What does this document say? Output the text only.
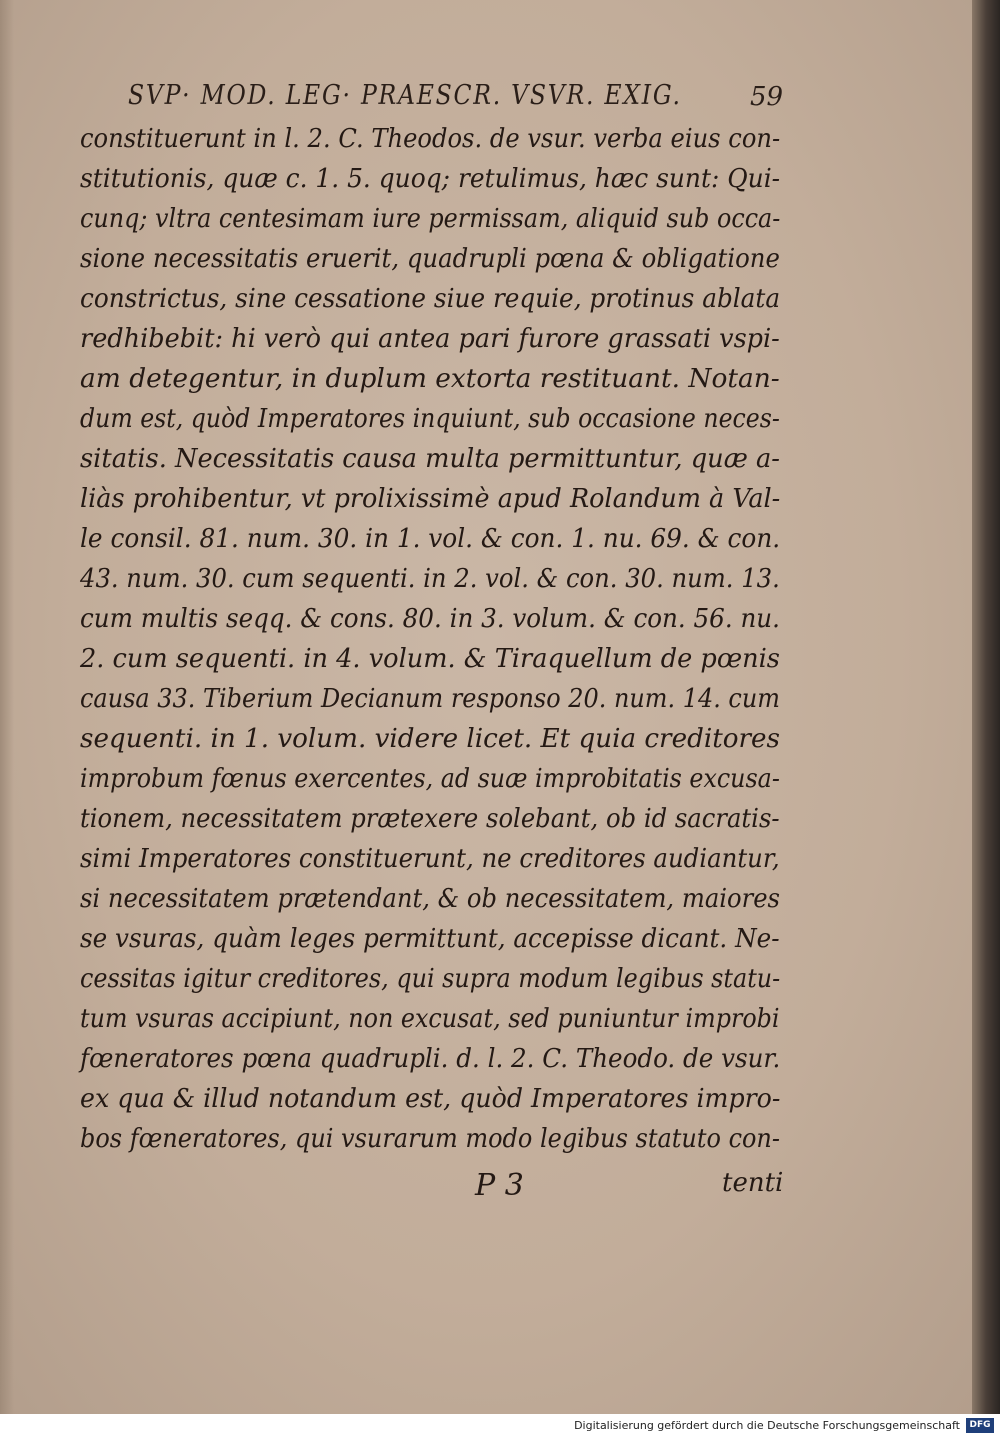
SVP· MOD. LEG· PRAESCR. VSVR. EXIG.	59
constituerunt in l. 2. C. Theodos. de vsur. verba eius con-
stitutionis, quæ c. 1. 5. quoq; retulimus, hæc sunt: Qui-
cunq; vltra centesimam iure permissam, aliquid sub occa-
sione necessitatis eruerit, quadrupli pœna & obligatione
constrictus, sine cessatione siue requie, protinus ablata
redhibebit: hi verò qui antea pari furore grassati vspi-
am detegentur, in duplum extorta restituant. Notan-
dum est, quòd Imperatores inquiunt, sub occasione neces-
sitatis. Necessitatis causa multa permittuntur, quæ a-
liàs prohibentur, vt prolixissimè apud Rolandum à Val-
le consil. 81. num. 30. in 1. vol. & con. 1. nu. 69. & con.
43. num. 30. cum sequenti. in 2. vol. & con. 30. num. 13.
cum multis seqq. & cons. 80. in 3. volum. & con. 56. nu.
2. cum sequenti. in 4. volum. & Tiraquellum de pœnis
causa 33. Tiberium Decianum responso 20. num. 14. cum
sequenti. in 1. volum. videre licet. Et quia creditores
improbum fœnus exercentes, ad suæ improbitatis excusa-
tionem, necessitatem prætexere solebant, ob id sacratis-
simi Imperatores constituerunt, ne creditores audiantur,
si necessitatem prætendant, & ob necessitatem, maiores
se vsuras, quàm leges permittunt, accepisse dicant. Ne-
cessitas igitur creditores, qui supra modum legibus statu-
tum vsuras accipiunt, non excusat, sed puniuntur improbi
fœneratores pœna quadrupli. d. l. 2. C. Theodo. de vsur.
ex qua & illud notandum est, quòd Imperatores impro-
bos fœneratores, qui vsurarum modo legibus statuto con-
P 3	tenti
Digitalisierung gefördert durch die Deutsche Forschungsgemeinschaft	DFG
